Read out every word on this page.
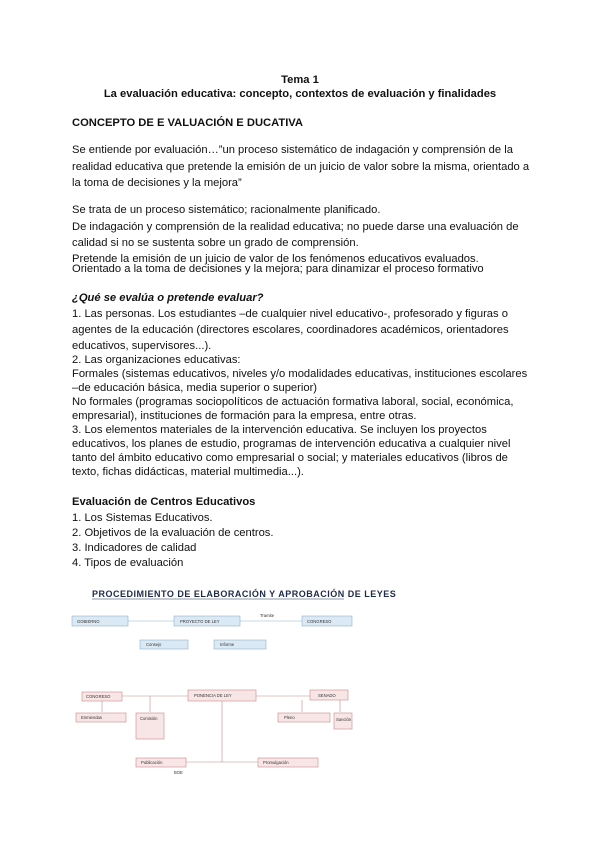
Tema 1
La evaluación educativa: concepto, contextos de evaluación y finalidades
CONCEPTO DE E VALUACIÓN E DUCATIVA
Se entiende por evaluación…”un proceso sistemático de indagación y comprensión de la
realidad educativa que pretende la emisión de un juicio de valor sobre la misma, orientado a
la toma de decisiones y la mejora”
Se trata de un proceso sistemático; racionalmente planificado.
De indagación y comprensión de la realidad educativa; no puede darse una evaluación de
calidad si no se sustenta sobre un grado de comprensión.
Pretende la emisión de un juicio de valor de los fenómenos educativos evaluados.
Orientado a la toma de decisiones y la mejora; para dinamizar el proceso formativo
¿Qué se evalúa o pretende evaluar?
1. Las personas. Los estudiantes –de cualquier nivel educativo-, profesorado y figuras o
agentes de la educación (directores escolares, coordinadores académicos, orientadores
educativos, supervisores...).
2. Las organizaciones educativas:
Formales (sistemas educativos, niveles y/o modalidades educativas, instituciones escolares
–de educación básica, media superior o superior)
No formales (programas sociopolíticos de actuación formativa laboral, social, económica,
empresarial), instituciones de formación para la empresa, entre otras.
3. Los elementos materiales de la intervención educativa. Se incluyen los proyectos
educativos, los planes de estudio, programas de intervención educativa a cualquier nivel
tanto del ámbito educativo como empresarial o social; y materiales educativos (libros de
texto, fichas didácticas, material multimedia...).
Evaluación de Centros Educativos
1. Los Sistemas Educativos.
2. Objetivos de la evaluación de centros.
3. Indicadores de calidad
4. Tipos de evaluación
PROCEDIMIENTO DE ELABORACIÓN Y APROBACIÓN DE LEYES
GOBIERNO	PROYECTO DE LEY
Tramite
CONGRESO
Consejo	Informe
CONGRESO	PONENCIA DE LEY	SENADO
Enmiendas	Comisión	Pleno	Sanción
Publicación	Promulgación
BOE
